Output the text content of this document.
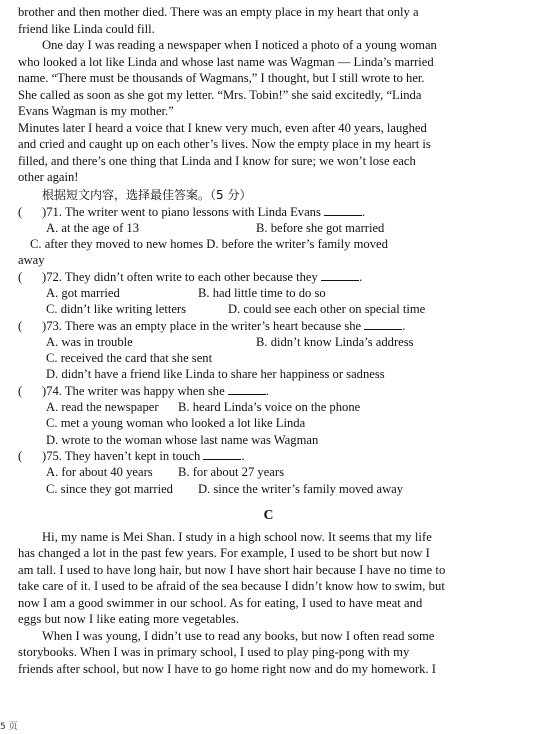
brother and then mother died. There was an empty place in my heart that only a
friend like Linda could fill.

One day I was reading a newspaper when I noticed a photo of a young woman
who looked a lot like Linda and whose last name was Wagman — Linda’s married
name. “There must be thousands of Wagmans,” I thought, but I still wrote to her.
She called as soon as she got my letter. “Mrs. Tobin!” she said excitedly, “Linda
Evans Wagman is my mother.”

Minutes later I heard a voice that I knew very much, even after 40 years, laughed
and cried and caught up on each other’s lives. Now the empty place in my heart is
filled, and there’s one thing that Linda and I know for sure; we won’t lose each
other again!

根据短文内容，选择最佳答案。（5 分）

( )71. The writer went to piano lessons with Linda Evans	.

A. at the age of 13	B. before she got married

C. after they moved to new homes D. before the writer’s family moved

away

( )72. They didn’t often write to each other because they	.

A. got married	B. had little time to do so

C. didn’t like writing letters	D. could see each other on special time

( )73. There was an empty place in the writer’s heart because she	.

A. was in trouble	B. didn’t know Linda’s address

C. received the card that she sent

D. didn’t have a friend like Linda to share her happiness or sadness

( )74. The writer was happy when she	.

A. read the newspaper B. heard Linda’s voice on the phone

C. met a young woman who looked a lot like Linda

D. wrote to the woman whose last name was Wagman

( )75. They haven’t kept in touch	.

A. for about 40 years B. for about 27 years

C. since they got married D. since the writer’s family moved away

C

Hi, my name is Mei Shan. I study in a high school now. It seems that my life
has changed a lot in the past few years. For example, I used to be short but now I
am tall. I used to have long hair, but now I have short hair because I have no time to
take care of it. I used to be afraid of the sea because I didn’t know how to swim, but
now I am a good swimmer in our school. As for eating, I used to have meat and
eggs but now I like eating more vegetables.

When I was young, I didn’t use to read any books, but now I often read some
storybooks. When I was in primary school, I used to play ping-pong with my
friends after school, but now I have to go home right now and do my homework. I

5 页
